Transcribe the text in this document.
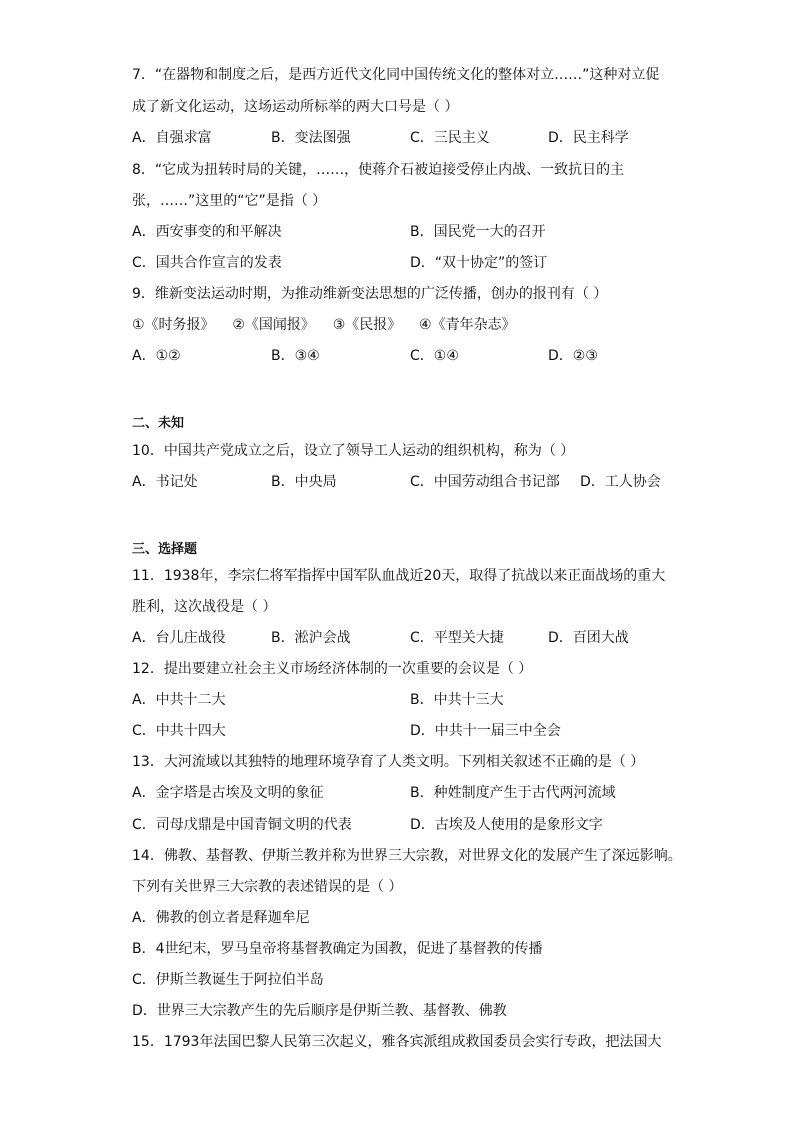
7．“在器物和制度之后，是西方近代文化同中国传统文化的整体对立……”这种对立促
成了新文化运动，这场运动所标举的两大口号是（ ）
A．自强求富	B．变法图强	C．三民主义	D．民主科学
8．“它成为扭转时局的关键，……，使蒋介石被迫接受停止内战、一致抗日的主
张，……”这里的“它”是指（ ）
A．西安事变的和平解决	B．国民党一大的召开
C．国共合作宣言的发表	D．“双十协定”的签订
9．维新变法运动时期，为推动维新变法思想的广泛传播，创办的报刊有（ ）
①《时务报》    ②《国闻报》    ③《民报》    ④《青年杂志》
A．①②	B．③④	C．①④	D．②③
二、未知
10．中国共产党成立之后，设立了领导工人运动的组织机构，称为（ ）
A．书记处	B．中央局	C．中国劳动组合书记部 D．工人协会
三、选择题
11．1938年，李宗仁将军指挥中国军队血战近20天，取得了抗战以来正面战场的重大
胜利，这次战役是（ ）
A．台儿庄战役	B．淞沪会战	C．平型关大捷	D．百团大战
12．提出要建立社会主义市场经济体制的一次重要的会议是（ ）
A．中共十二大	B．中共十三大
C．中共十四大	D．中共十一届三中全会
13．大河流域以其独特的地理环境孕育了人类文明。下列相关叙述不正确的是（ ）
A．金字塔是古埃及文明的象征	B．种姓制度产生于古代两河流域
C．司母戊鼎是中国青铜文明的代表	D．古埃及人使用的是象形文字
14．佛教、基督教、伊斯兰教并称为世界三大宗教，对世界文化的发展产生了深远影响。
下列有关世界三大宗教的表述错误的是（ ）
A．佛教的创立者是释迦牟尼
B．4世纪末，罗马皇帝将基督教确定为国教，促进了基督教的传播
C．伊斯兰教诞生于阿拉伯半岛
D．世界三大宗教产生的先后顺序是伊斯兰教、基督教、佛教
15．1793年法国巴黎人民第三次起义，雅各宾派组成救国委员会实行专政，把法国大
